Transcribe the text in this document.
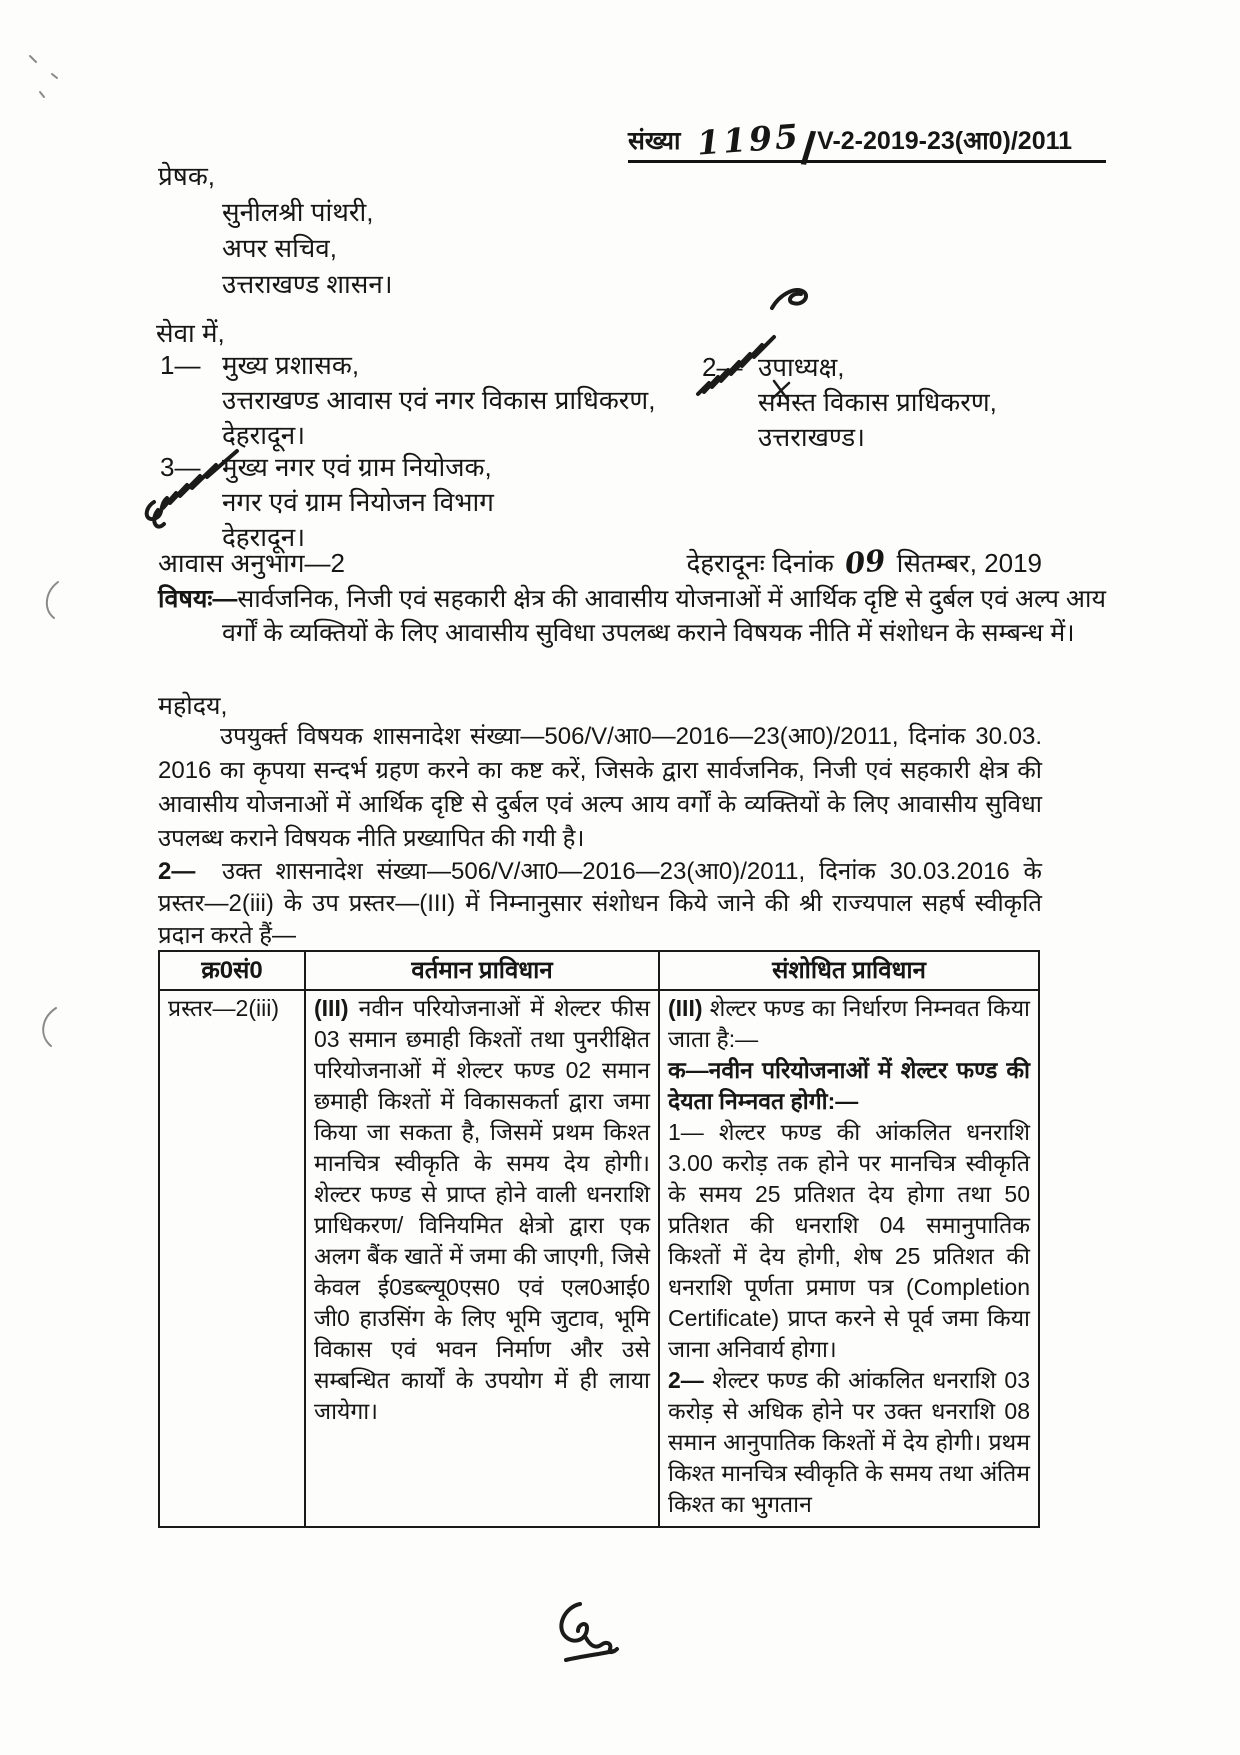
संख्या 1195
/ V-2-2019-23(आ0)/2011
प्रेषक,
सुनीलश्री पांथरी,
अपर सचिव,
उत्तराखण्ड शासन।
सेवा में,
1— मुख्य प्रशासक,
उत्तराखण्ड आवास एवं नगर विकास प्राधिकरण,
देहरादून।
2— उपाध्यक्ष,
समस्त विकास प्राधिकरण,
उत्तराखण्ड।
3— मुख्य नगर एवं ग्राम नियोजक,
नगर एवं ग्राम नियोजन विभाग
देहरादून।
आवास अनुभाग—2	देहरादूनः दिनांक 09 सितम्बर, 2019
विषयः—सार्वजनिक, निजी एवं सहकारी क्षेत्र की आवासीय योजनाओं में आर्थिक दृष्टि से दुर्बल एवं अल्प आय वर्गों के व्यक्तियों के लिए आवासीय सुविधा उपलब्ध कराने विषयक नीति में संशोधन के सम्बन्ध में।
महोदय,
उपयुर्क्त विषयक शासनादेश संख्या—506/V/आ0—2016—23(आ0)/2011, दिनांक 30.03. 2016 का कृपया सन्दर्भ ग्रहण करने का कष्ट करें, जिसके द्वारा सार्वजनिक, निजी एवं सहकारी क्षेत्र की आवासीय योजनाओं में आर्थिक दृष्टि से दुर्बल एवं अल्प आय वर्गों के व्यक्तियों के लिए आवासीय सुविधा उपलब्ध कराने विषयक नीति प्रख्यापित की गयी है।
2— उक्त शासनादेश संख्या—506/V/आ0—2016—23(आ0)/2011, दिनांक 30.03.2016 के प्रस्तर—2(iii) के उप प्रस्तर—(III) में निम्नानुसार संशोधन किये जाने की श्री राज्यपाल सहर्ष स्वीकृति प्रदान करते हैं—
क्र0सं0	वर्तमान प्राविधान	संशोधित प्राविधान
प्रस्तर—2(iii)	(III) नवीन परियोजनाओं में शेल्टर फीस 03 समान छमाही किश्तों तथा पुनरीक्षित परियोजनाओं में शेल्टर फण्ड 02 समान छमाही किश्तों में विकासकर्ता द्वारा जमा किया जा सकता है, जिसमें प्रथम किश्त मानचित्र स्वीकृति के समय देय होगी। शेल्टर फण्ड से प्राप्त होने वाली धनराशि प्राधिकरण/ विनियमित क्षेत्रो द्वारा एक अलग बैंक खातें में जमा की जाएगी, जिसे केवल ई0डब्ल्यू0एस0 एवं एल0आई0 जी0 हाउसिंग के लिए भूमि जुटाव, भूमि विकास एवं भवन निर्माण और उसे सम्बन्धित कार्यों के उपयोग में ही लाया जायेगा।

(III) शेल्टर फण्ड का निर्धारण निम्नवत किया जाता है:—

क—नवीन परियोजनाओं में शेल्टर फण्ड की देयता निम्नवत होगी:—

1— शेल्टर फण्ड की आंकलित धनराशि 3.00 करोड़ तक होने पर मानचित्र स्वीकृति के समय 25 प्रतिशत देय होगा तथा 50 प्रतिशत की धनराशि 04 समानुपातिक किश्तों में देय होगी, शेष 25 प्रतिशत की धनराशि पूर्णता प्रमाण पत्र (Completion Certificate) प्राप्त करने से पूर्व जमा किया जाना अनिवार्य होगा।

2— शेल्टर फण्ड की आंकलित धनराशि 03 करोड़ से अधिक होने पर उक्त धनराशि 08 समान आनुपातिक किश्तों में देय होगी। प्रथम किश्त मानचित्र स्वीकृति के समय तथा अंतिम किश्त का भुगतान
